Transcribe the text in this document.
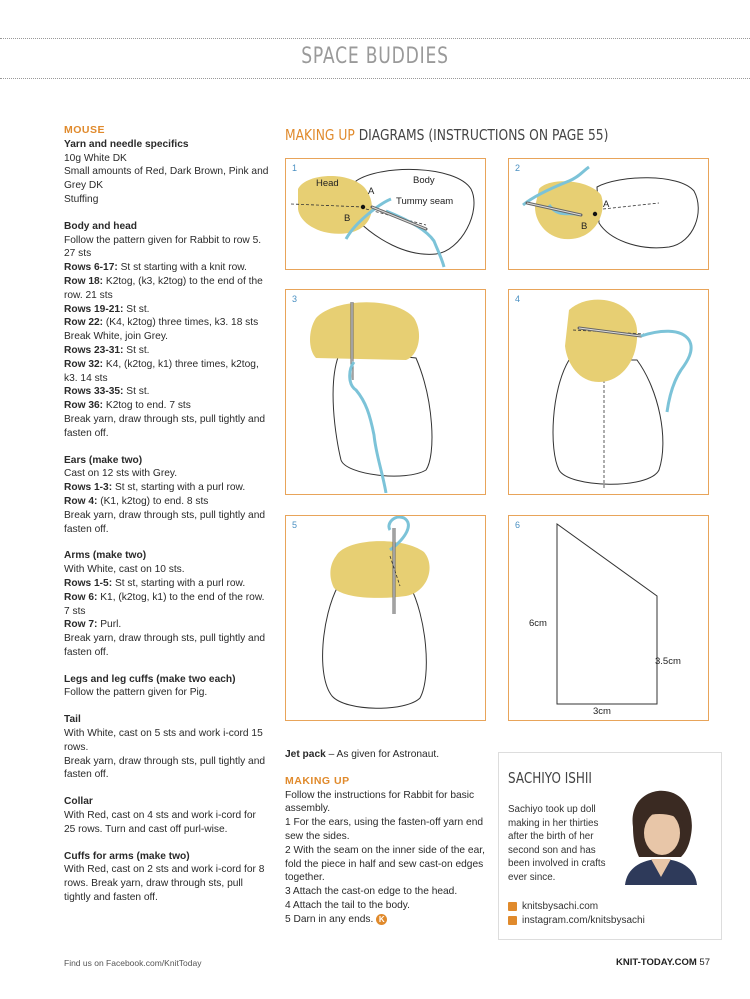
SPACE BUDDIES

MOUSE

Yarn and needle specifics

10g White DK

Small amounts of Red, Dark Brown, Pink and Grey DK

Stuffing

Body and head

Follow the pattern given for Rabbit to row 5. 27 sts

Rows 6-17: St st starting with a knit row.

Row 18: K2tog, (k3, k2tog) to the end of the row. 21 sts

Rows 19-21: St st.

Row 22: (K4, k2tog) three times, k3. 18 sts

Break White, join Grey.

Rows 23-31: St st.

Row 32: K4, (k2tog, k1) three times, k2tog, k3. 14 sts

Rows 33-35: St st.

Row 36: K2tog to end. 7 sts

Break yarn, draw through sts, pull tightly and fasten off.

Ears (make two)

Cast on 12 sts with Grey.

Rows 1-3: St st, starting with a purl row.

Row 4: (K1, k2tog) to end. 8 sts

Break yarn, draw through sts, pull tightly and fasten off.

Arms (make two)

With White, cast on 10 sts.

Rows 1-5: St st, starting with a purl row.

Row 6: K1, (k2tog, k1) to the end of the row. 7 sts

Row 7: Purl.

Break yarn, draw through sts, pull tightly and fasten off.

Legs and leg cuffs (make two each)

Follow the pattern given for Pig.

Tail

With White, cast on 5 sts and work i-cord 15 rows.

Break yarn, draw through sts, pull tightly and fasten off.

Collar

With Red, cast on 4 sts and work i-cord for 25 rows. Turn and cast off purl-wise.

Cuffs for arms (make two)

With Red, cast on 2 sts and work i-cord for 8 rows. Break yarn, draw through sts, pull tightly and fasten off.

MAKING UP DIAGRAMS (INSTRUCTIONS ON PAGE 55)
1
Head	Body
A
B
Tummy seam
2
A
B
3	4
5	6
6cm
3.5cm
3cm

Jet pack – As given for Astronaut.

MAKING UP

Follow the instructions for Rabbit for basic assembly.

1 For the ears, using the fasten-off yarn end sew the sides.

2 With the seam on the inner side of the ear, fold the piece in half and sew cast-on edges together.

3 Attach the cast-on edge to the head.

4 Attach the tail to the body.

5 Darn in any ends. K

SACHIYO ISHII
Sachiyo took up doll making in her thirties after the birth of her second son and has been involved in crafts ever since.
knitsbysachi.com
instagram.com/knitsbysachi
Find us on Facebook.com/KnitToday	KNIT-TODAY.COM 57
